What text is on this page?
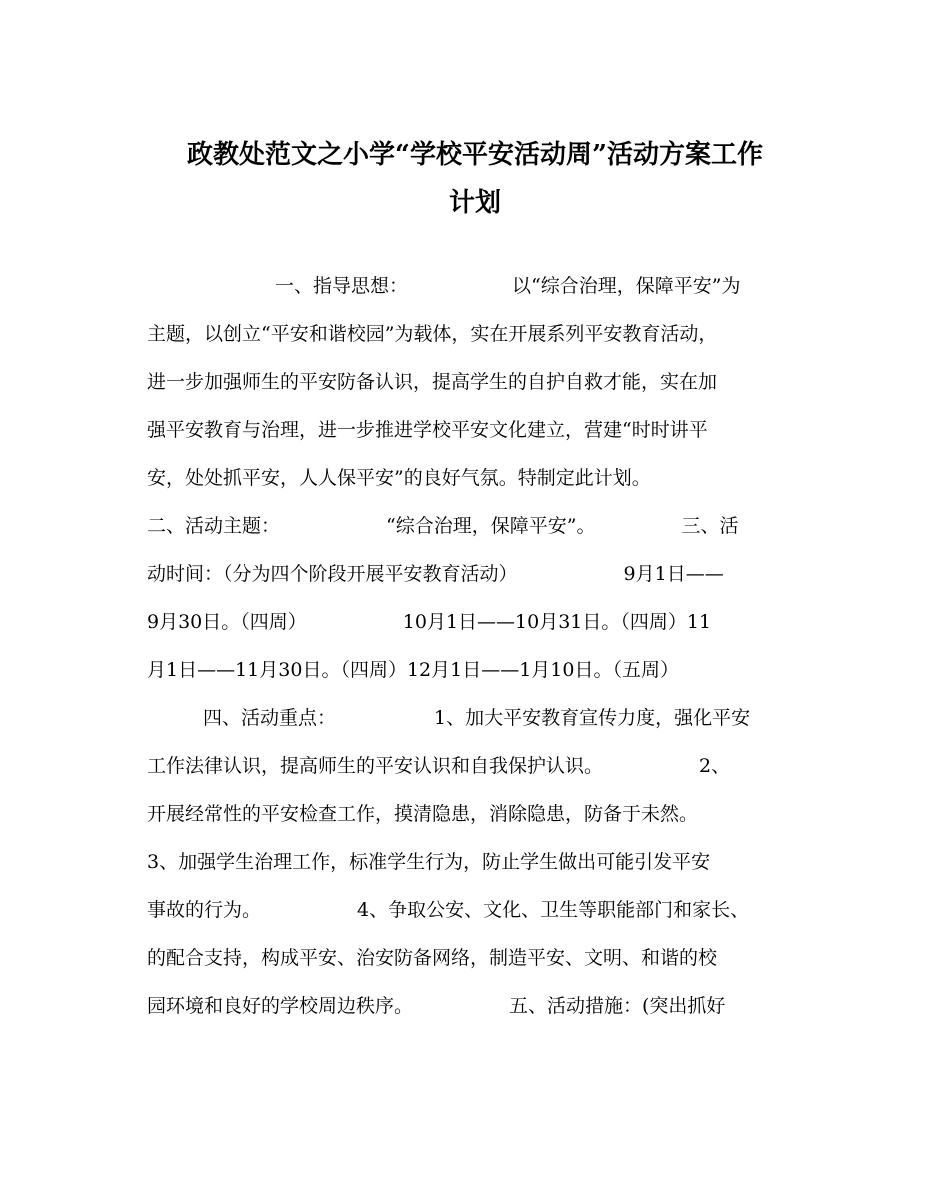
政教处范文之小学“学校平安活动周”活动方案工作
计划
一、指导思想：	以“综合治理，保障平安”为
主题，以创立“平安和谐校园”为载体，实在开展系列平安教育活动，
进一步加强师生的平安防备认识，提高学生的自护自救才能，实在加
强平安教育与治理，进一步推进学校平安文化建立，营建“时时讲平
安，处处抓平安，人人保平安”的良好气氛。特制定此计划。
二、活动主题：	“综合治理，保障平安”。	三、活
动时间：（分为四个阶段开展平安教育活动）	9月1日——
9月30日。（四周）	10月1日——10月31日。（四周）11
月1日——11月30日。（四周）12月1日——1月10日。（五周）
四、活动重点：	1、加大平安教育宣传力度，强化平安
工作法律认识，提高师生的平安认识和自我保护认识。	2、
开展经常性的平安检查工作，摸清隐患，消除隐患，防备于未然。
3、加强学生治理工作，标准学生行为，防止学生做出可能引发平安
事故的行为。	4、争取公安、文化、卫生等职能部门和家长、
的配合支持，构成平安、治安防备网络，制造平安、文明、和谐的校
园环境和良好的学校周边秩序。	五、活动措施：(突出抓好
